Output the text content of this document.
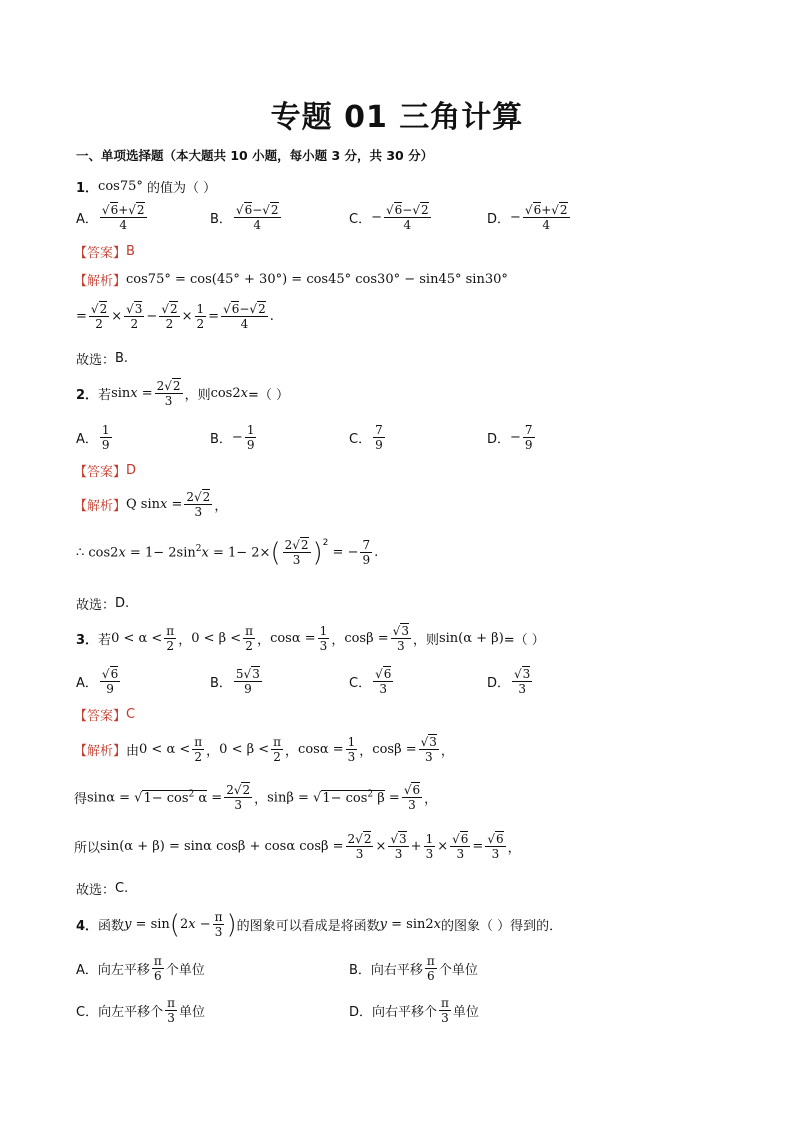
专题 01 三角计算
一、单项选择题（本大题共 10 小题，每小题 3 分，共 30 分）
1． cos75° 的值为（ ）
A． $\frac{√6+√2}{4}$	B． $\frac{√6-√2}{4}$	C． − $\frac{√6-√2}{4}$	D． − $\frac{√6+√2}{4}$
【答案】 B
【解析】 cos75° = cos(45° + 30°) = cos45° cos30° − sin45° sin30°
= $\frac{√2}{2} \times \frac{√3}{2} - \frac{√2}{2} \times \frac{1}{2} = \frac{√6-√2}{4}$ .
故选： B.
2． 若 $\sin x = \frac{2√2}{3}$ ，则 cos2x =（ ）
A． $\frac{1}{9}$	B． − $\frac{1}{9}$	C． $\frac{7}{9}$	D． − $\frac{7}{9}$
【答案】 D
【解析】 Q $\sin x = \frac{2√2}{3}$ ，
∴ $\cos 2x = 1- 2\sin^2x = 1- 2\times$ ( $\frac{2√2}{3} )^2$
= − $\frac{7}{9}$ .
故选： D.
3． 若 $0 < \alpha < \frac{\pi}{2}$ ， $0 < \beta < \frac{\pi}{2}$ ， $\cos\alpha = \frac{1}{3}$ ， $\cos\beta = \frac{√3}{3}$ ，则 sin(α + β) =（ ）
A． $\frac{√6}{9}$	B． $\frac{5√3}{9}$	C． $\frac{√6}{3}$	D． $\frac{√3}{3}$
【答案】 C
【解析】 由 $0 < \alpha < \frac{\pi}{2}$ ， $0 < \beta < \frac{\pi}{2}$ ， $\cos\alpha = \frac{1}{3}$ ， $\cos\beta = \frac{√3}{3}$ ，
得 $\sin\alpha = √1- \cos^2 \alpha = \frac{2√2}{3}$ ， $\sin\beta = √1- \cos^2 \beta = \frac{√6}{3}$ ，
所以 sin(α + β) = sinα cosβ + cosα $\cos\beta = \frac{2√2}{3} \times \frac{√3}{3} + \frac{1}{3} \times \frac{√6}{3} = \frac{√6}{3}$ ，
故选： C.
4． 函数 y = sin ( $2x - \frac{\pi}{3}$ ) 的图象可以看成是将函数 y = sin2x 的图象（ ）得到的．
A．向左平移 $\frac{\pi}{6}$ 个单位	B．向右平移 $\frac{\pi}{6}$ 个单位
C．向左平移个 $\frac{\pi}{3}$ 单位	D．向右平移个 $\frac{\pi}{3}$ 单位
